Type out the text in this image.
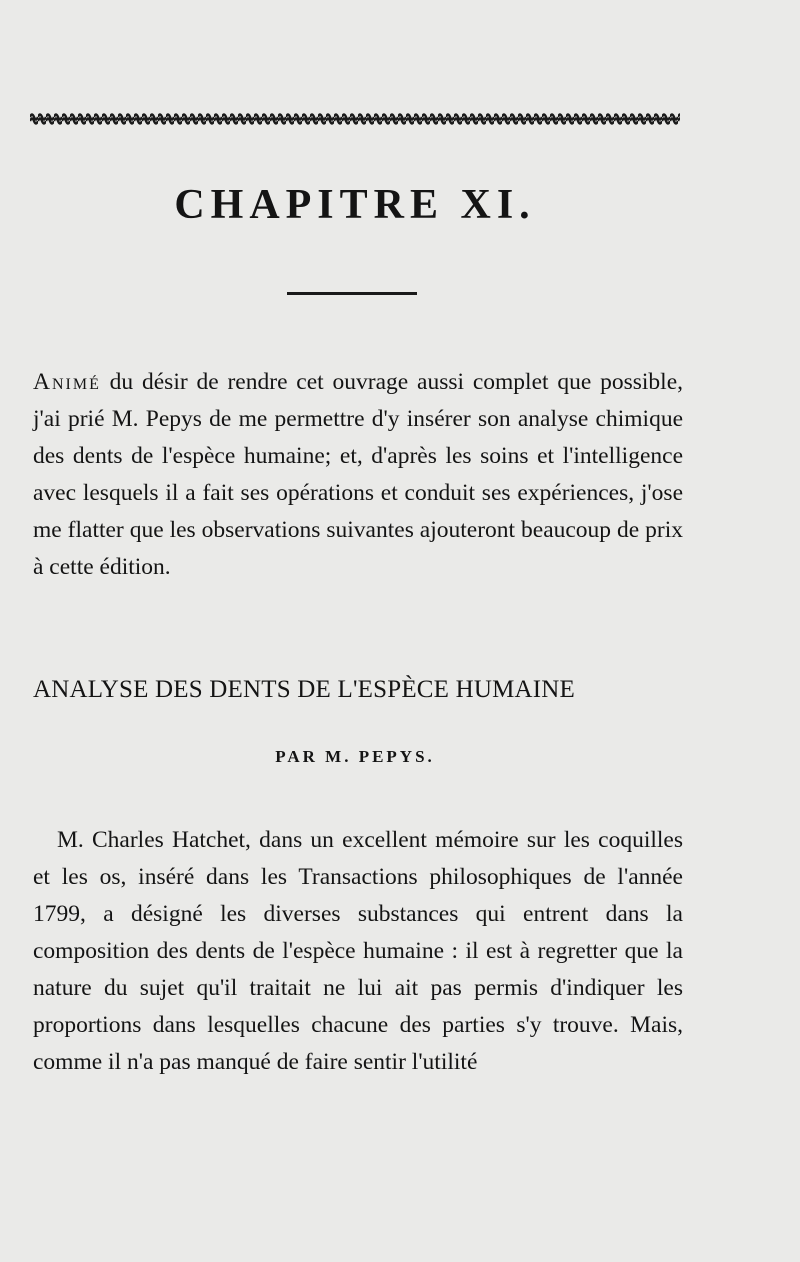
CHAPITRE XI.

Animé du désir de rendre cet ouvrage aussi complet que possible, j'ai prié M. Pepys de me permettre d'y insérer son analyse chimique des dents de l'espèce humaine; et, d'après les soins et l'intelligence avec lesquels il a fait ses opérations et conduit ses expériences, j'ose me flatter que les observations suivantes ajouteront beaucoup de prix à cette édition.

ANALYSE DES DENTS DE L'ESPÈCE HUMAINE

PAR M. PEPYS.

M. Charles Hatchet, dans un excellent mémoire sur les coquilles et les os, inséré dans les Transactions philosophiques de l'année 1799, a désigné les diverses substances qui entrent dans la composition des dents de l'espèce humaine : il est à regretter que la nature du sujet qu'il traitait ne lui ait pas permis d'indiquer les proportions dans lesquelles chacune des parties s'y trouve. Mais, comme il n'a pas manqué de faire sentir l'utilité
